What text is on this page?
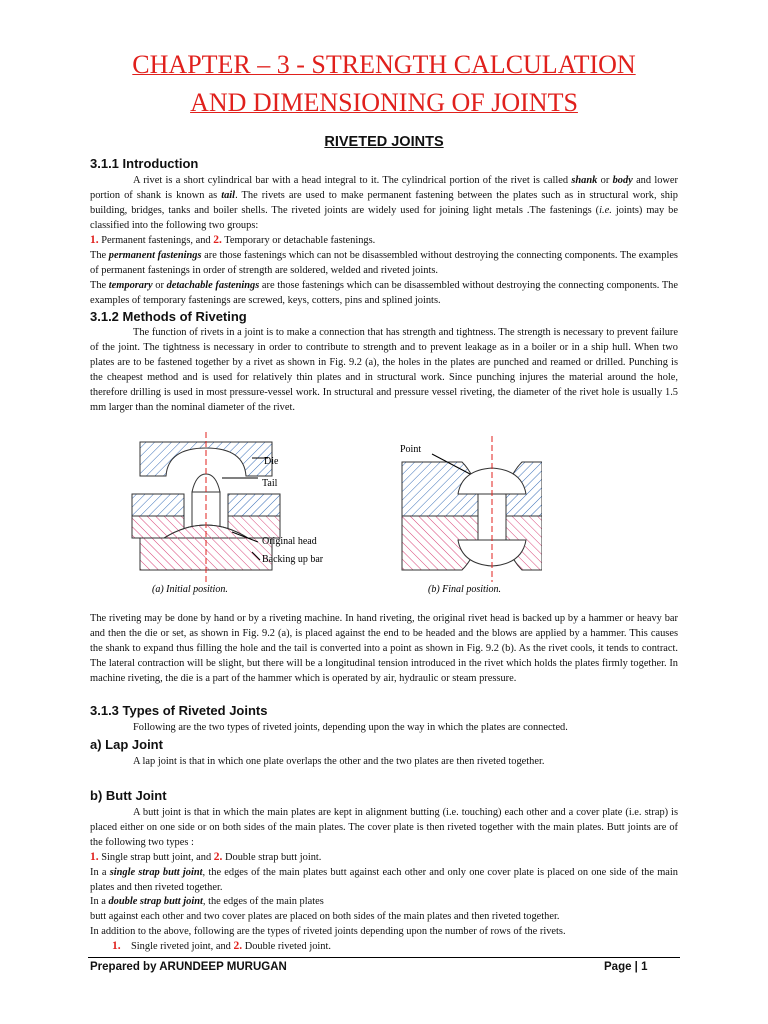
CHAPTER – 3 - STRENGTH CALCULATION
AND DIMENSIONING OF JOINTS
RIVETED JOINTS
3.1.1 Introduction
A rivet is a short cylindrical bar with a head integral to it. The cylindrical portion of the rivet is called shank or body and lower portion of shank is known as tail. The rivets are used to make permanent fastening between the plates such as in structural work, ship building, bridges, tanks and boiler shells. The riveted joints are widely used for joining light metals .The fastenings (i.e. joints) may be classified into the following two groups:
1. Permanent fastenings, and 2. Temporary or detachable fastenings.
The permanent fastenings are those fastenings which can not be disassembled without destroying the connecting components. The examples of permanent fastenings in order of strength are soldered, welded and riveted joints.
The temporary or detachable fastenings are those fastenings which can be disassembled without destroying the connecting components. The examples of temporary fastenings are screwed, keys, cotters, pins and splined joints.
3.1.2 Methods of Riveting
The function of rivets in a joint is to make a connection that has strength and tightness. The strength is necessary to prevent failure of the joint. The tightness is necessary in order to contribute to strength and to prevent leakage as in a boiler or in a ship hull. When two plates are to be fastened together by a rivet as shown in Fig. 9.2 (a), the holes in the plates are punched and reamed or drilled. Punching is the cheapest method and is used for relatively thin plates and in structural work. Since punching injures the material around the hole, therefore drilling is used in most pressure-vessel work. In structural and pressure vessel riveting, the diameter of the rivet hole is usually 1.5 mm larger than the nominal diameter of the rivet.
Die
Tail
Original head
Backing up bar
(a) Initial position.
Point
(b) Final position.
The riveting may be done by hand or by a riveting machine. In hand riveting, the original rivet head is backed up by a hammer or heavy bar and then the die or set, as shown in Fig. 9.2 (a), is placed against the end to be headed and the blows are applied by a hammer. This causes the shank to expand thus filling the hole and the tail is converted into a point as shown in Fig. 9.2 (b). As the rivet cools, it tends to contract. The lateral contraction will be slight, but there will be a longitudinal tension introduced in the rivet which holds the plates firmly together. In machine riveting, the die is a part of the hammer which is operated by air, hydraulic or steam pressure.
3.1.3 Types of Riveted Joints
Following are the two types of riveted joints, depending upon the way in which the plates are connected.
a) Lap Joint
A lap joint is that in which one plate overlaps the other and the two plates are then riveted together.
b) Butt Joint
A butt joint is that in which the main plates are kept in alignment butting (i.e. touching) each other and a cover plate (i.e. strap) is placed either on one side or on both sides of the main plates. The cover plate is then riveted together with the main plates. Butt joints are of the following two types :
1. Single strap butt joint, and 2. Double strap butt joint.
In a single strap butt joint, the edges of the main plates butt against each other and only one cover plate is placed on one side of the main plates and then riveted together.
In a double strap butt joint, the edges of the main plates
butt against each other and two cover plates are placed on both sides of the main plates and then riveted together.
In addition to the above, following are the types of riveted joints depending upon the number of rows of the rivets.
1. Single riveted joint, and 2. Double riveted joint.
Prepared by ARUNDEEP MURUGAN	Page | 1
